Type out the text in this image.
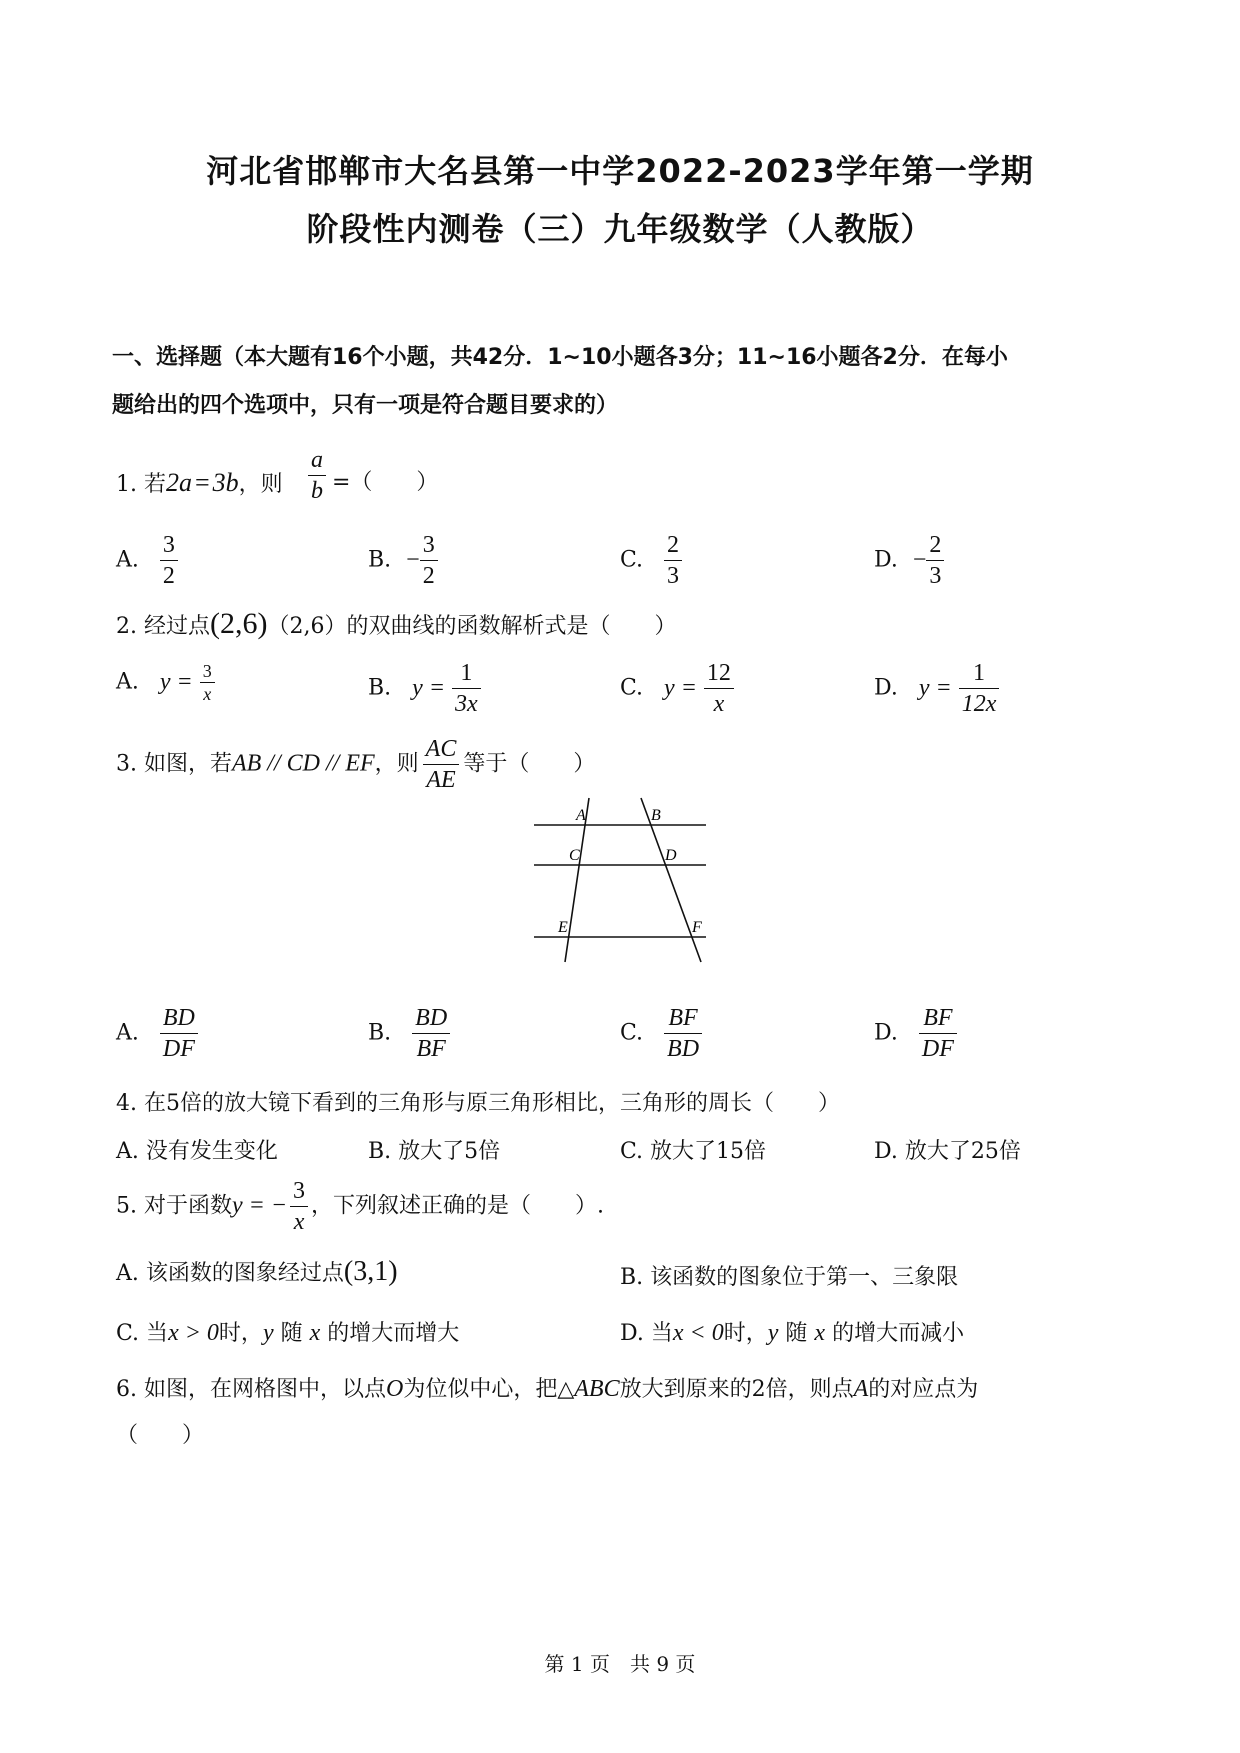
河北省邯郸市大名县第一中学2022-2023学年第一学期
阶段性内测卷（三）九年级数学（人教版）
一、选择题（本大题有16个小题，共42分．1~10小题各3分；11~16小题各2分．在每小
题给出的四个选项中，只有一项是符合题目要求的）
1. 若2a = 3b，则 $\frac{a}{b}$ =（　　）
A. $\frac{3}{2}$	B. − $\frac{3}{2}$	C. $\frac{2}{3}$	D. − $\frac{2}{3}$
2. 经过点(2,6)（2,6）的双曲线的函数解析式是（　　）
A. $y = \frac{3}{x}$	B. $y = \frac{1}{3x}$	C. $y = \frac{12}{x}$	D. $y = \frac{1}{12x}$
3. 如图，若AB // CD // EF，则 $\frac{AC}{AE}$ 等于（　　）
A	B
C	D
E	F
A. $\frac{BD}{DF}$	B. $\frac{BD}{BF}$	C. $\frac{BF}{BD}$	D. $\frac{BF}{DF}$
4. 在5倍的放大镜下看到的三角形与原三角形相比，三角形的周长（　　）
A. 没有发生变化	B. 放大了5倍	C. 放大了15倍	D. 放大了25倍
5. 对于函数y = − $\frac{3}{x}$ ，下列叙述正确的是（　　）.
A. 该函数的图象经过点(3,1)	B. 该函数的图象位于第一、三象限
C. 当x > 0时，y 随 x 的增大而增大	D. 当x < 0时，y 随 x 的增大而减小
6. 如图，在网格图中，以点O为位似中心，把△ABC放大到原来的2倍，则点A的对应点为
（　　）
第 1 页　共 9 页
